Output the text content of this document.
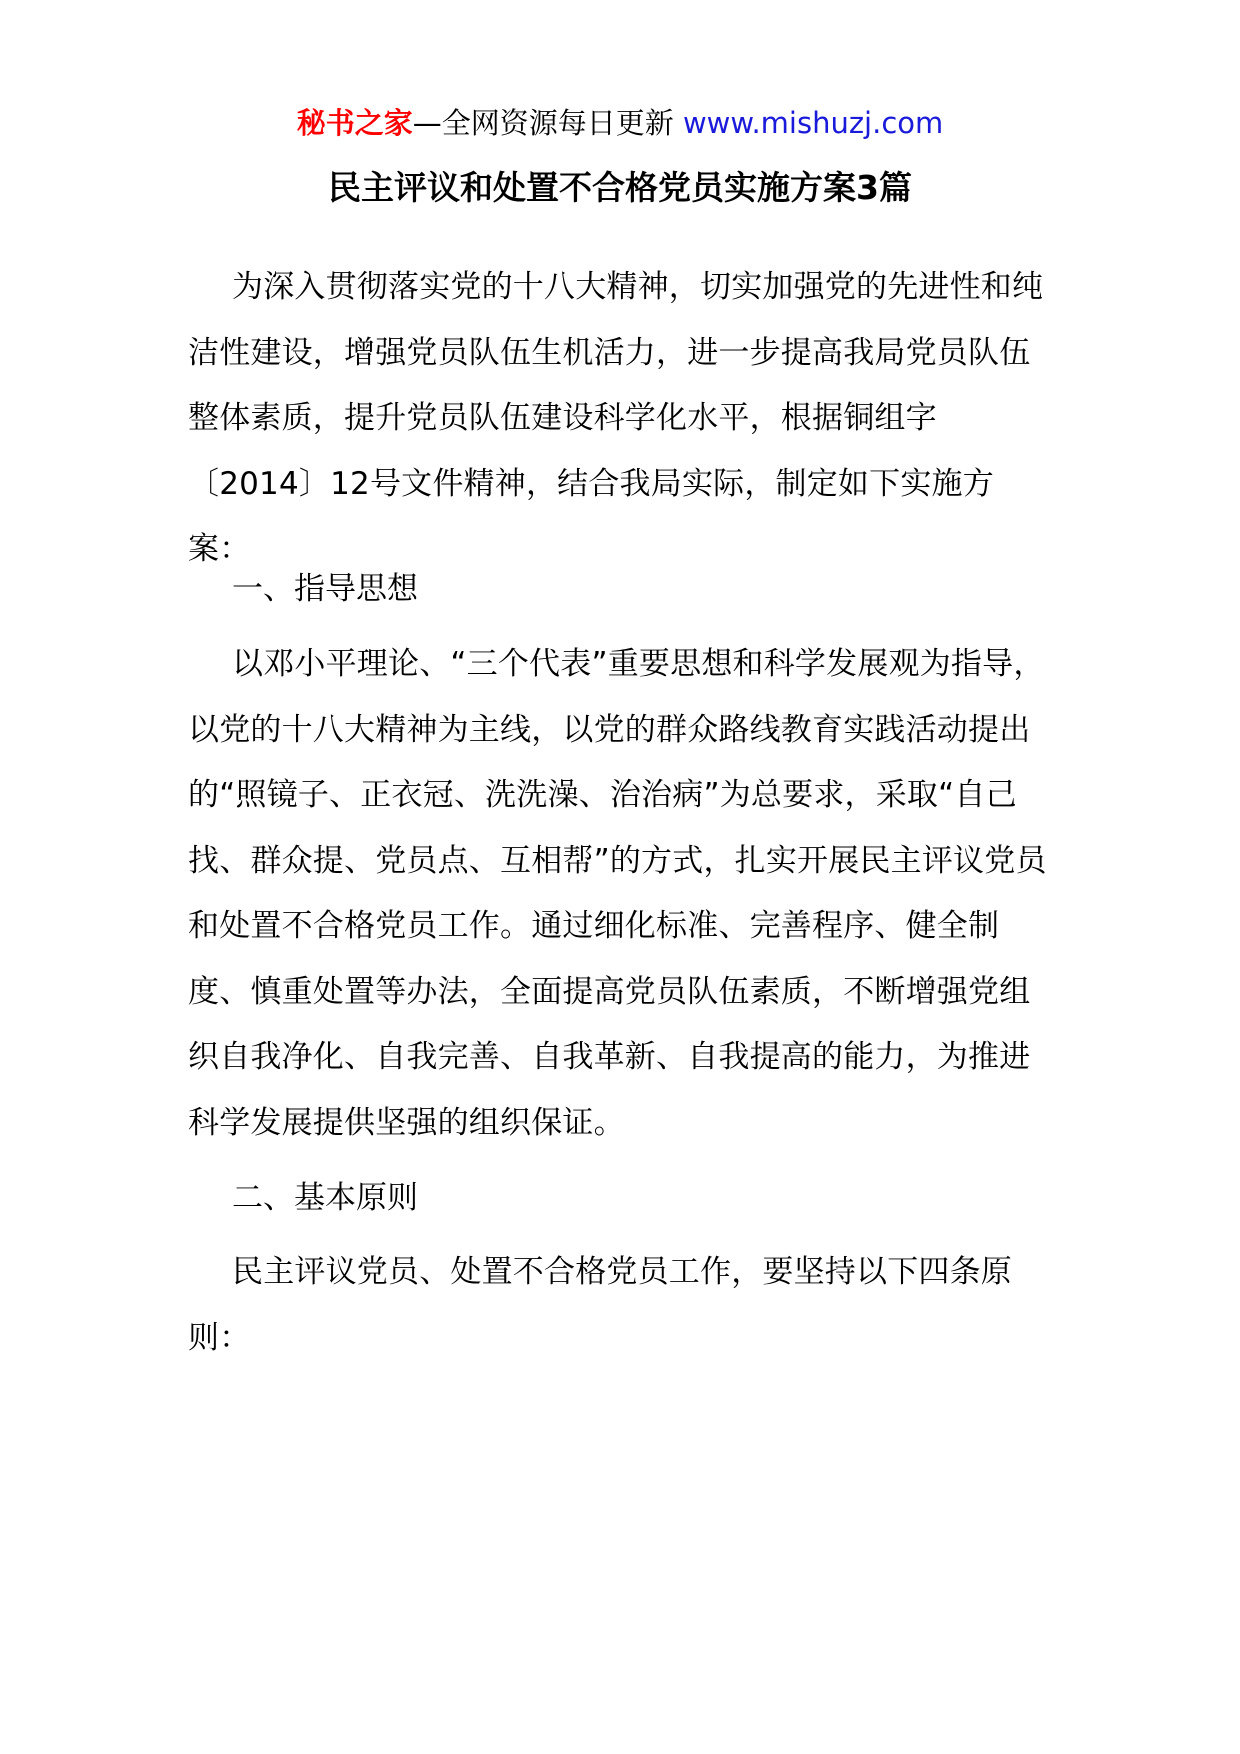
秘书之家—全网资源每日更新 www.mishuzj.com
民主评议和处置不合格党员实施方案3篇

为深入贯彻落实党的十八大精神，切实加强党的先进性和纯洁性建设，增强党员队伍生机活力，进一步提高我局党员队伍整体素质，提升党员队伍建设科学化水平，根据铜组字〔2014〕12号文件精神，结合我局实际，制定如下实施方案：

一、指导思想

以邓小平理论、“三个代表”重要思想和科学发展观为指导，以党的十八大精神为主线，以党的群众路线教育实践活动提出的“照镜子、正衣冠、洗洗澡、治治病”为总要求，采取“自己找、群众提、党员点、互相帮”的方式，扎实开展民主评议党员和处置不合格党员工作。通过细化标准、完善程序、健全制度、慎重处置等办法，全面提高党员队伍素质，不断增强党组织自我净化、自我完善、自我革新、自我提高的能力，为推进科学发展提供坚强的组织保证。

二、基本原则

民主评议党员、处置不合格党员工作，要坚持以下四条原则：
